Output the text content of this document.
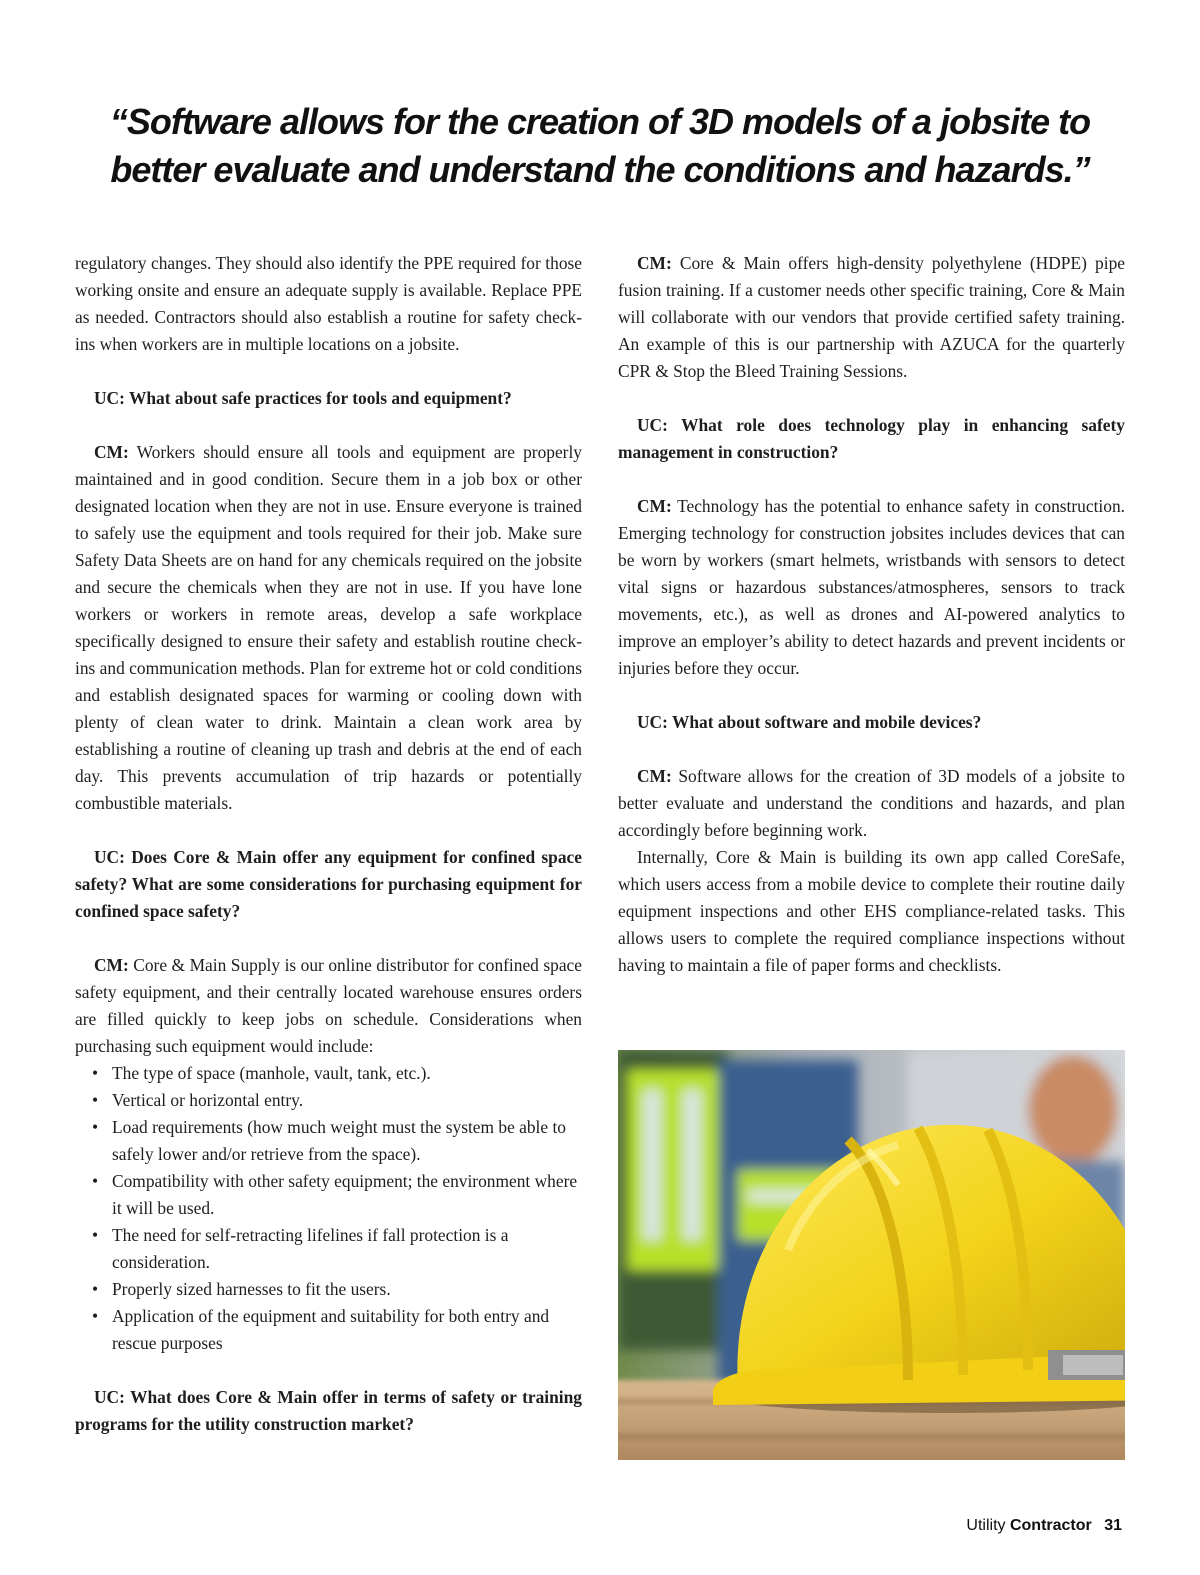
“Software allows for the creation of 3D models of a jobsite to better evaluate and understand the conditions and hazards.”

regulatory changes. They should also identify the PPE required for those working onsite and ensure an adequate supply is available. Replace PPE as needed. Contractors should also establish a routine for safety check-ins when workers are in multiple locations on a jobsite.

UC: What about safe practices for tools and equipment?

CM: Workers should ensure all tools and equipment are properly maintained and in good condition. Secure them in a job box or other designated location when they are not in use. Ensure everyone is trained to safely use the equipment and tools required for their job. Make sure Safety Data Sheets are on hand for any chemicals required on the jobsite and secure the chemicals when they are not in use. If you have lone workers or workers in remote areas, develop a safe workplace specifically designed to ensure their safety and establish routine check-ins and communication methods. Plan for extreme hot or cold conditions and establish designated spaces for warming or cooling down with plenty of clean water to drink. Maintain a clean work area by establishing a routine of cleaning up trash and debris at the end of each day. This prevents accumulation of trip hazards or potentially combustible materials.

UC: Does Core & Main offer any equipment for confined space safety? What are some considerations for purchasing equipment for confined space safety?

CM: Core & Main Supply is our online distributor for confined space safety equipment, and their centrally located warehouse ensures orders are filled quickly to keep jobs on schedule. Considerations when purchasing such equipment would include:

• The type of space (manhole, vault, tank, etc.).
• Vertical or horizontal entry.
• Load requirements (how much weight must the system be able to safely lower and/or retrieve from the space).
• Compatibility with other safety equipment; the environment where it will be used.
• The need for self-retracting lifelines if fall protection is a consideration.
• Properly sized harnesses to fit the users.
• Application of the equipment and suitability for both entry and rescue purposes

UC: What does Core & Main offer in terms of safety or training programs for the utility construction market?

CM: Core & Main offers high-density polyethylene (HDPE) pipe fusion training. If a customer needs other specific training, Core & Main will collaborate with our vendors that provide certified safety training. An example of this is our partnership with AZUCA for the quarterly CPR & Stop the Bleed Training Sessions.

UC: What role does technology play in enhancing safety management in construction?

CM: Technology has the potential to enhance safety in construction. Emerging technology for construction jobsites includes devices that can be worn by workers (smart helmets, wristbands with sensors to detect vital signs or hazardous substances/atmospheres, sensors to track movements, etc.), as well as drones and AI-powered analytics to improve an employer’s ability to detect hazards and prevent incidents or injuries before they occur.

UC: What about software and mobile devices?

CM: Software allows for the creation of 3D models of a jobsite to better evaluate and understand the conditions and hazards, and plan accordingly before beginning work.

Internally, Core & Main is building its own app called CoreSafe, which users access from a mobile device to complete their routine daily equipment inspections and other EHS compliance-related tasks. This allows users to complete the required compliance inspections without having to maintain a file of paper forms and checklists.

Utility Contractor 31
